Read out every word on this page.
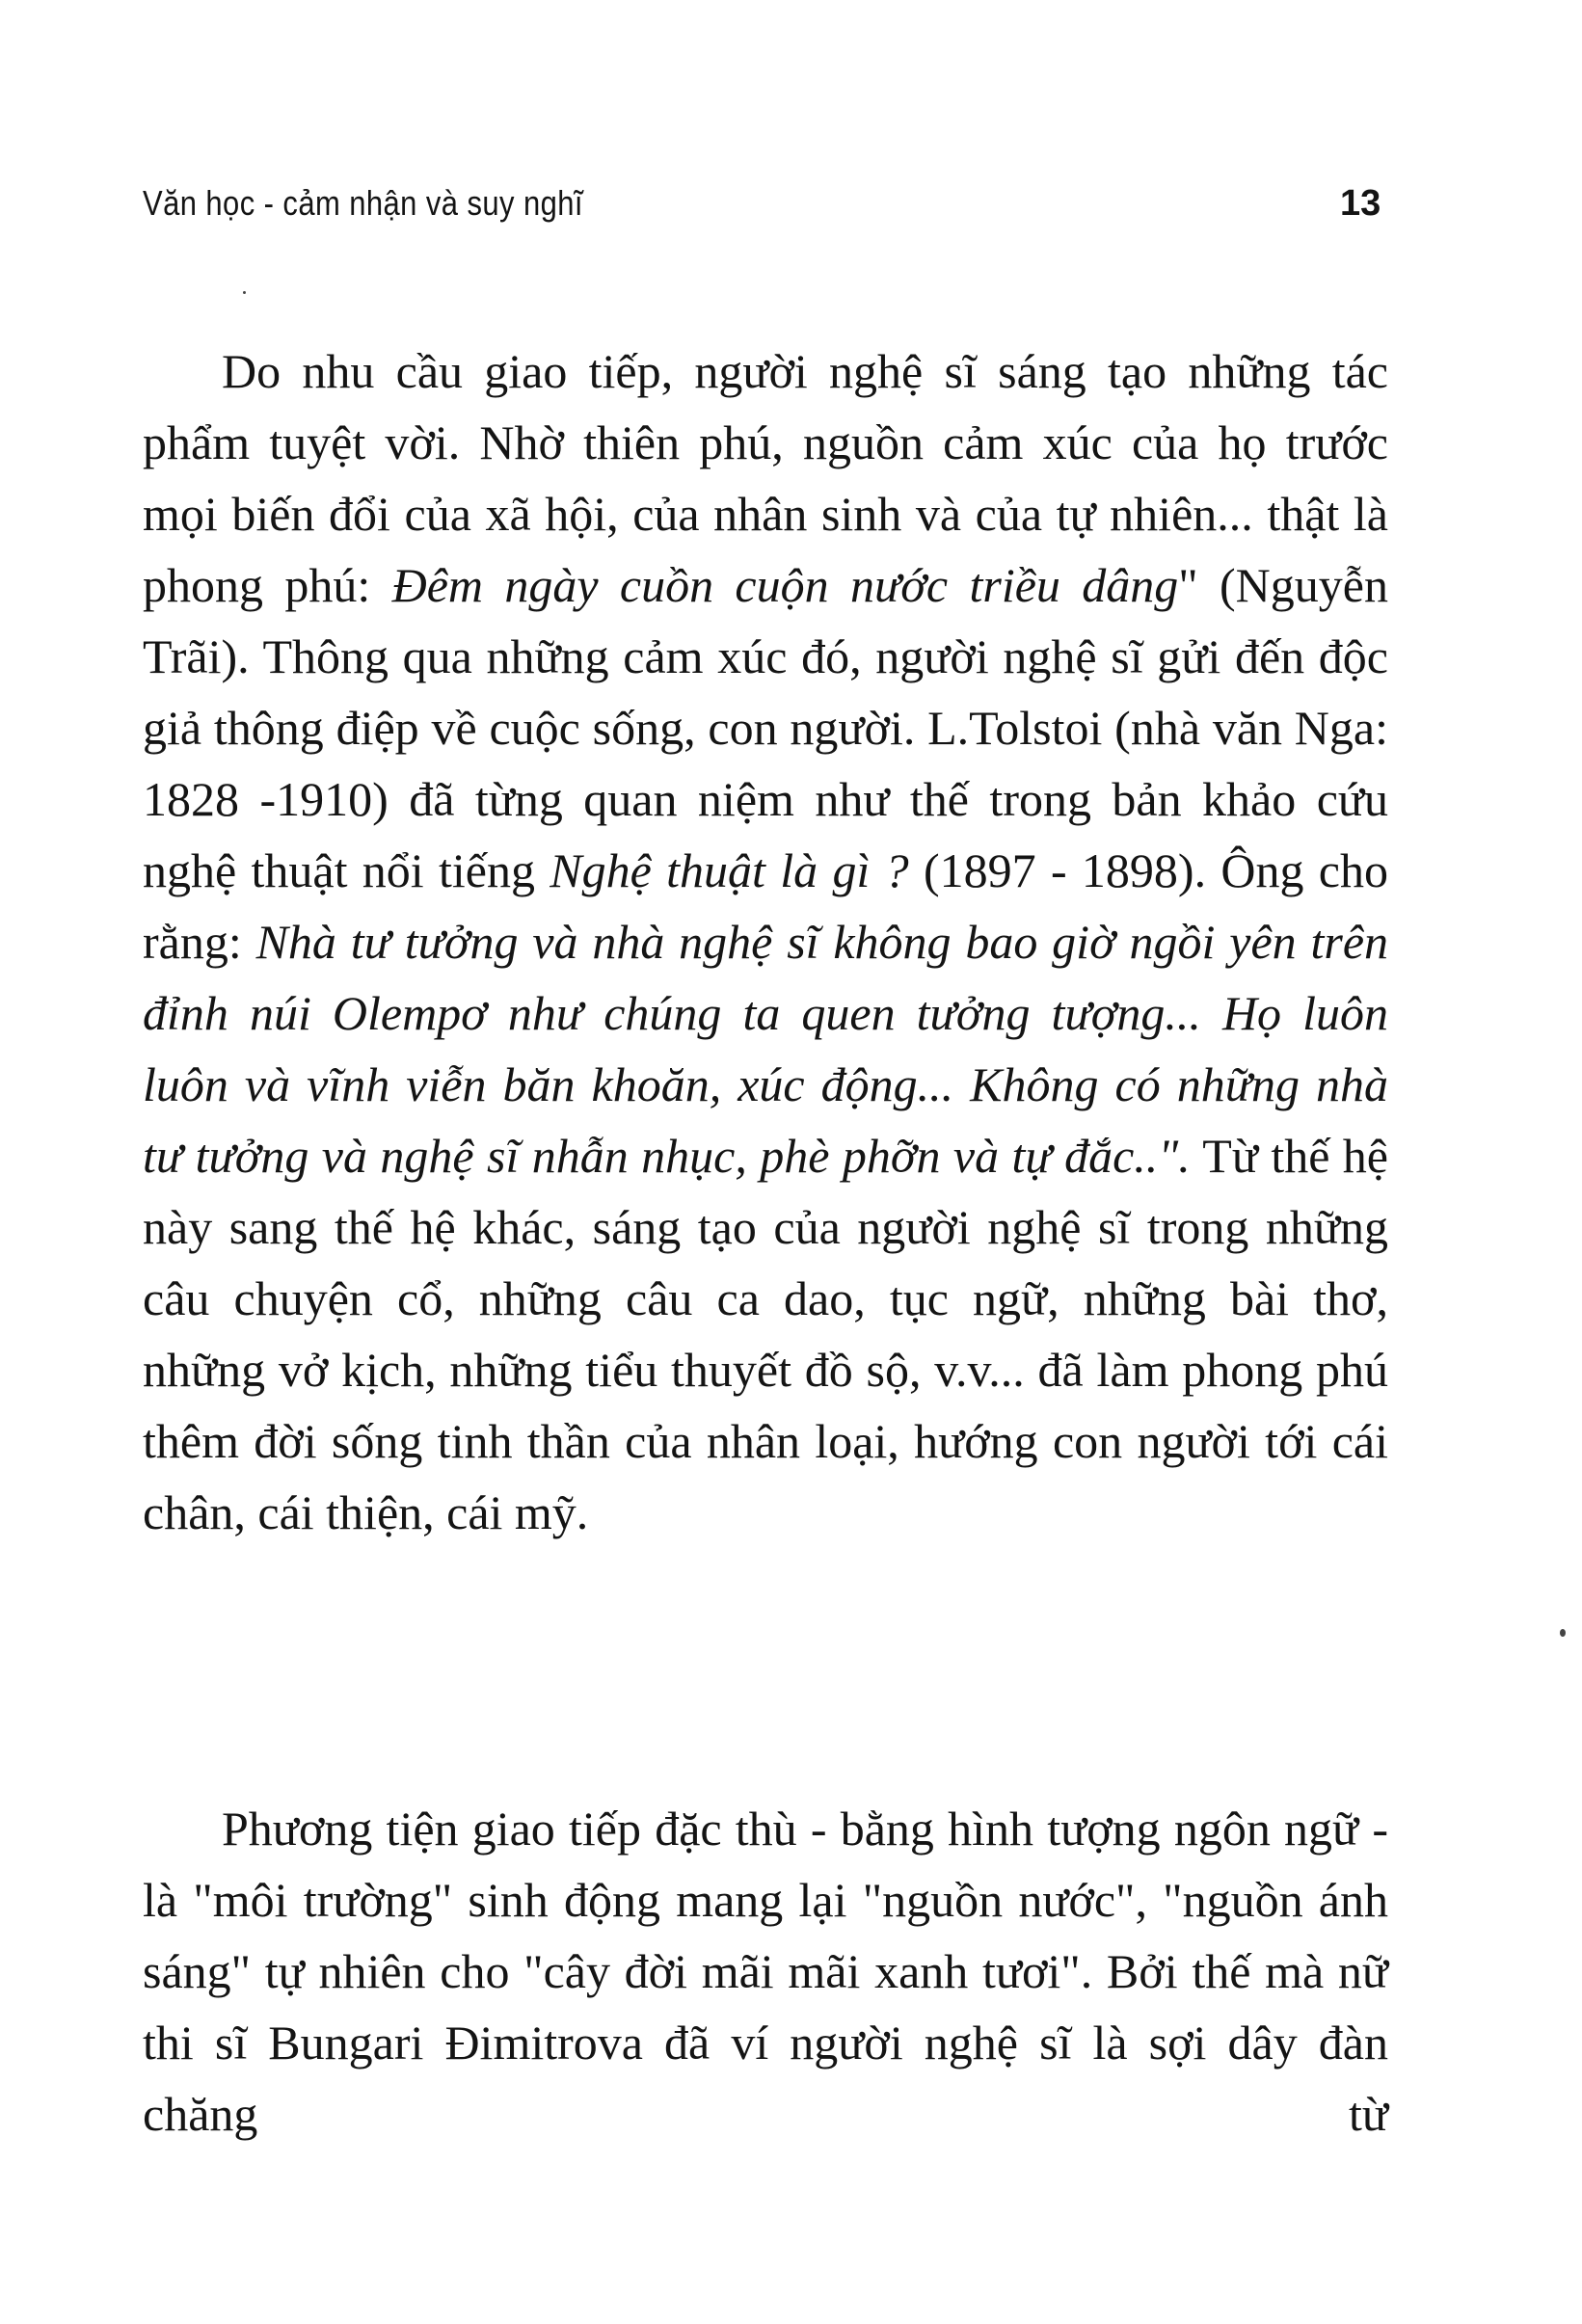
Văn học - cảm nhận và suy nghĩ	13

Do nhu cầu giao tiếp, người nghệ sĩ sáng tạo những tác phẩm tuyệt vời. Nhờ thiên phú, nguồn cảm xúc của họ trước mọi biến đổi của xã hội, của nhân sinh và của tự nhiên... thật là phong phú: Đêm ngày cuồn cuộn nước triều dâng" (Nguyễn Trãi). Thông qua những cảm xúc đó, người nghệ sĩ gửi đến độc giả thông điệp về cuộc sống, con người. L.Tolstoi (nhà văn Nga: 1828 -1910) đã từng quan niệm như thế trong bản khảo cứu nghệ thuật nổi tiếng Nghệ thuật là gì ? (1897 - 1898). Ông cho rằng: Nhà tư tưởng và nhà nghệ sĩ không bao giờ ngồi yên trên đỉnh núi Olempơ như chúng ta quen tưởng tượng... Họ luôn luôn và vĩnh viễn băn khoăn, xúc động... Không có những nhà tư tưởng và nghệ sĩ nhẫn nhục, phè phỡn và tự đắc..". Từ thế hệ này sang thế hệ khác, sáng tạo của người nghệ sĩ trong những câu chuyện cổ, những câu ca dao, tục ngữ, những bài thơ, những vở kịch, những tiểu thuyết đồ sộ, v.v... đã làm phong phú thêm đời sống tinh thần của nhân loại, hướng con người tới cái chân, cái thiện, cái mỹ.

Phương tiện giao tiếp đặc thù - bằng hình tượng ngôn ngữ - là "môi trường" sinh động mang lại "nguồn nước", "nguồn ánh sáng" tự nhiên cho "cây đời mãi mãi xanh tươi". Bởi thế mà nữ thi sĩ Bungari Đimitrova đã ví người nghệ sĩ là sợi dây đàn chăng từ
